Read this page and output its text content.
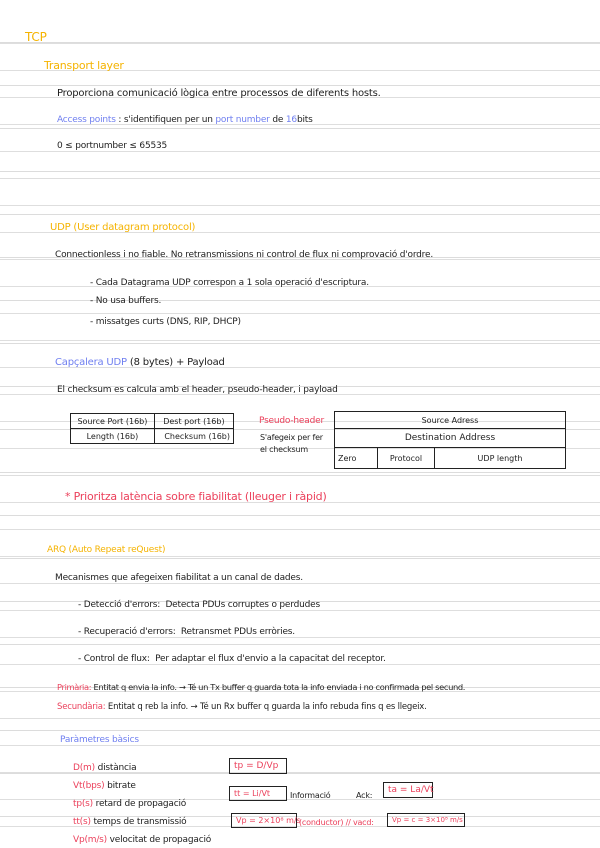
TCP
Transport layer
Proporciona comunicació lògica entre processos de diferents hosts.
Access points : s'identifiquen per un port number de 16bits
0 ≤ portnumber ≤ 65535
UDP (User datagram protocol)
Connectionless i no fiable. No retransmissions ni control de flux ni comprovació d'ordre.
- Cada Datagrama UDP correspon a 1 sola operació d'escriptura.
- No usa buffers.
- missatges curts (DNS, RIP, DHCP)
Capçalera UDP (8 bytes) + Payload
El checksum es calcula amb el header, pseudo-header, i payload
Source Port (16b)	Dest port (16b)
Length (16b)	Checksum (16b)
Pseudo-header
S'afegeix per fer
el checksum
Source Adress
Destination Address
Zero	Protocol	UDP length
* Prioritza latència sobre fiabilitat (lleuger i ràpid)
ARQ (Auto Repeat reQuest)
Mecanismes que afegeixen fiabilitat a un canal de dades.
- Detecció d'errors: Detecta PDUs corruptes o perdudes
- Recuperació d'errors: Retransmet PDUs erròries.
- Control de flux: Per adaptar el flux d'envio a la capacitat del receptor.
Primària: Entitat q envia la info. → Té un Tx buffer q guarda tota la info enviada i no confirmada pel secund.
Secundària: Entitat q reb la info. → Té un Rx buffer q guarda la info rebuda fins q es llegeix.
Paràmetres bàsics
D(m) distància
Vt(bps) bitrate
tp(s) retard de propagació
tt(s) temps de transmissió
Vp(m/s) velocitat de propagació
tp = D/Vp
tt = Li/Vt	Informació	Ack:
ta = La/Vt
Vp = 2×10⁸ m/s
(conductor) // vacd:	Vp = c = 3×10⁸ m/s
